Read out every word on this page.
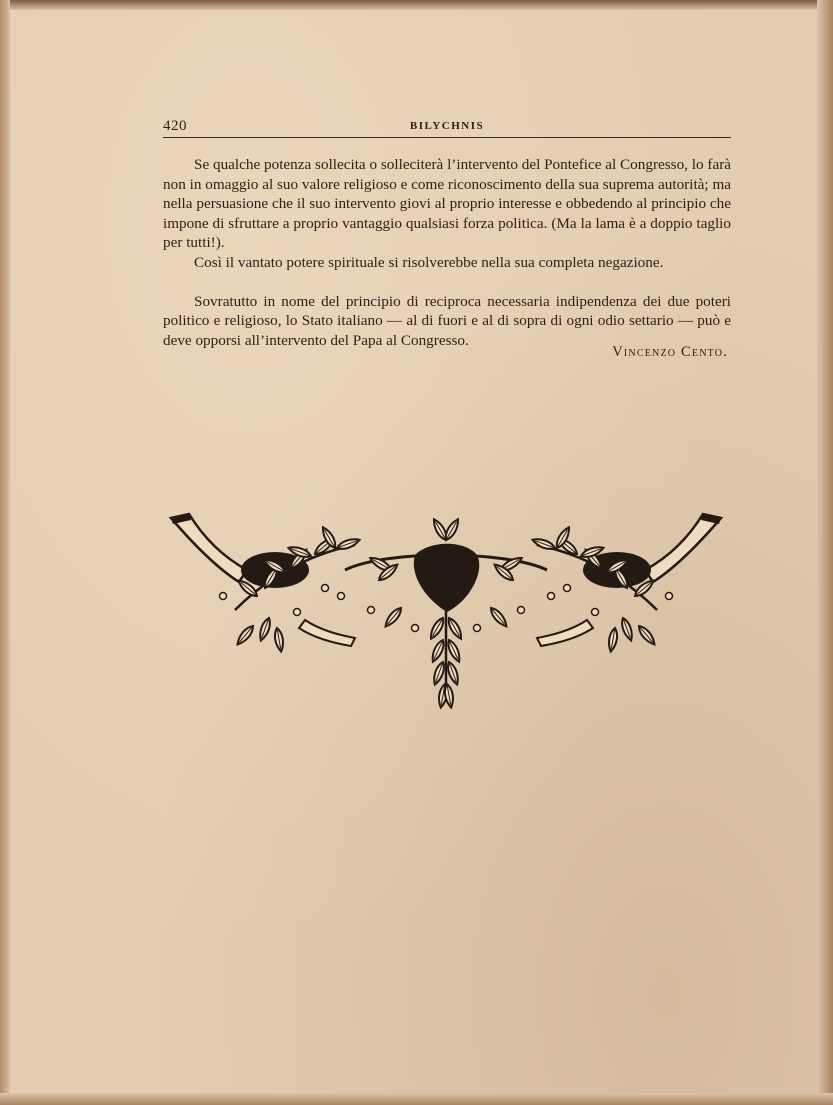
420	BILYCHNIS

Se qualche potenza sollecita o solleciterà l’intervento del Pontefice al Congresso, lo farà non in omaggio al suo valore religioso e come riconoscimento della sua suprema autorità; ma nella persuasione che il suo intervento giovi al proprio interesse e obbedendo al principio che impone di sfruttare a proprio vantaggio qualsiasi forza politica. (Ma la lama è a doppio taglio per tutti!).

Così il vantato potere spirituale si risolverebbe nella sua completa negazione.

Sovratutto in nome del principio di reciproca necessaria indipendenza dei due poteri politico e religioso, lo Stato italiano — al di fuori e al di sopra di ogni odio settario — può e deve opporsi all’intervento del Papa al Congresso.

Vincenzo Cento.
